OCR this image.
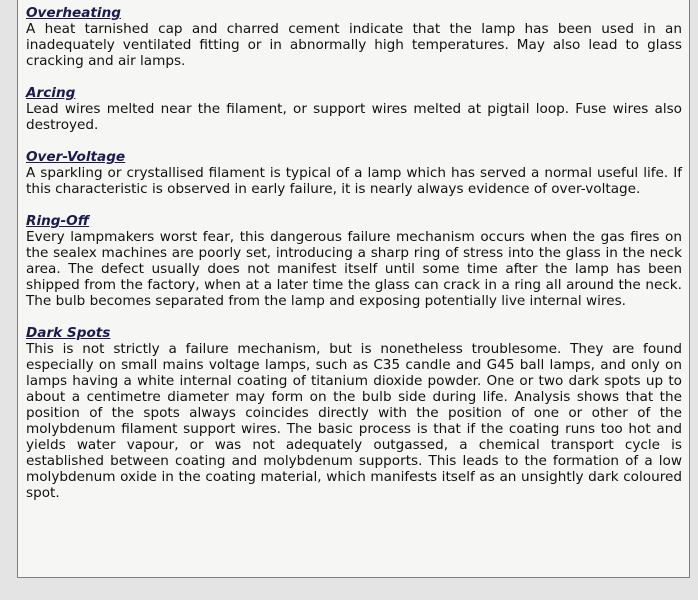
Overheating

A heat tarnished cap and charred cement indicate that the lamp has been used in an inadequately ventilated fitting or in abnormally high temperatures. May also lead to glass cracking and air lamps.

Arcing

Lead wires melted near the filament, or support wires melted at pigtail loop. Fuse wires also destroyed.

Over-Voltage

A sparkling or crystallised filament is typical of a lamp which has served a normal useful life. If this characteristic is observed in early failure, it is nearly always evidence of over-voltage.

Ring-Off

Every lampmakers worst fear, this dangerous failure mechanism occurs when the gas fires on the sealex machines are poorly set, introducing a sharp ring of stress into the glass in the neck area. The defect usually does not manifest itself until some time after the lamp has been shipped from the factory, when at a later time the glass can crack in a ring all around the neck. The bulb becomes separated from the lamp and exposing potentially live internal wires.

Dark Spots

This is not strictly a failure mechanism, but is nonetheless troublesome. They are found especially on small mains voltage lamps, such as C35 candle and G45 ball lamps, and only on lamps having a white internal coating of titanium dioxide powder. One or two dark spots up to about a centimetre diameter may form on the bulb side during life. Analysis shows that the position of the spots always coincides directly with the position of one or other of the molybdenum filament support wires. The basic process is that if the coating runs too hot and yields water vapour, or was not adequately outgassed, a chemical transport cycle is established between coating and molybdenum supports. This leads to the formation of a low molybdenum oxide in the coating material, which manifests itself as an unsightly dark coloured spot.
